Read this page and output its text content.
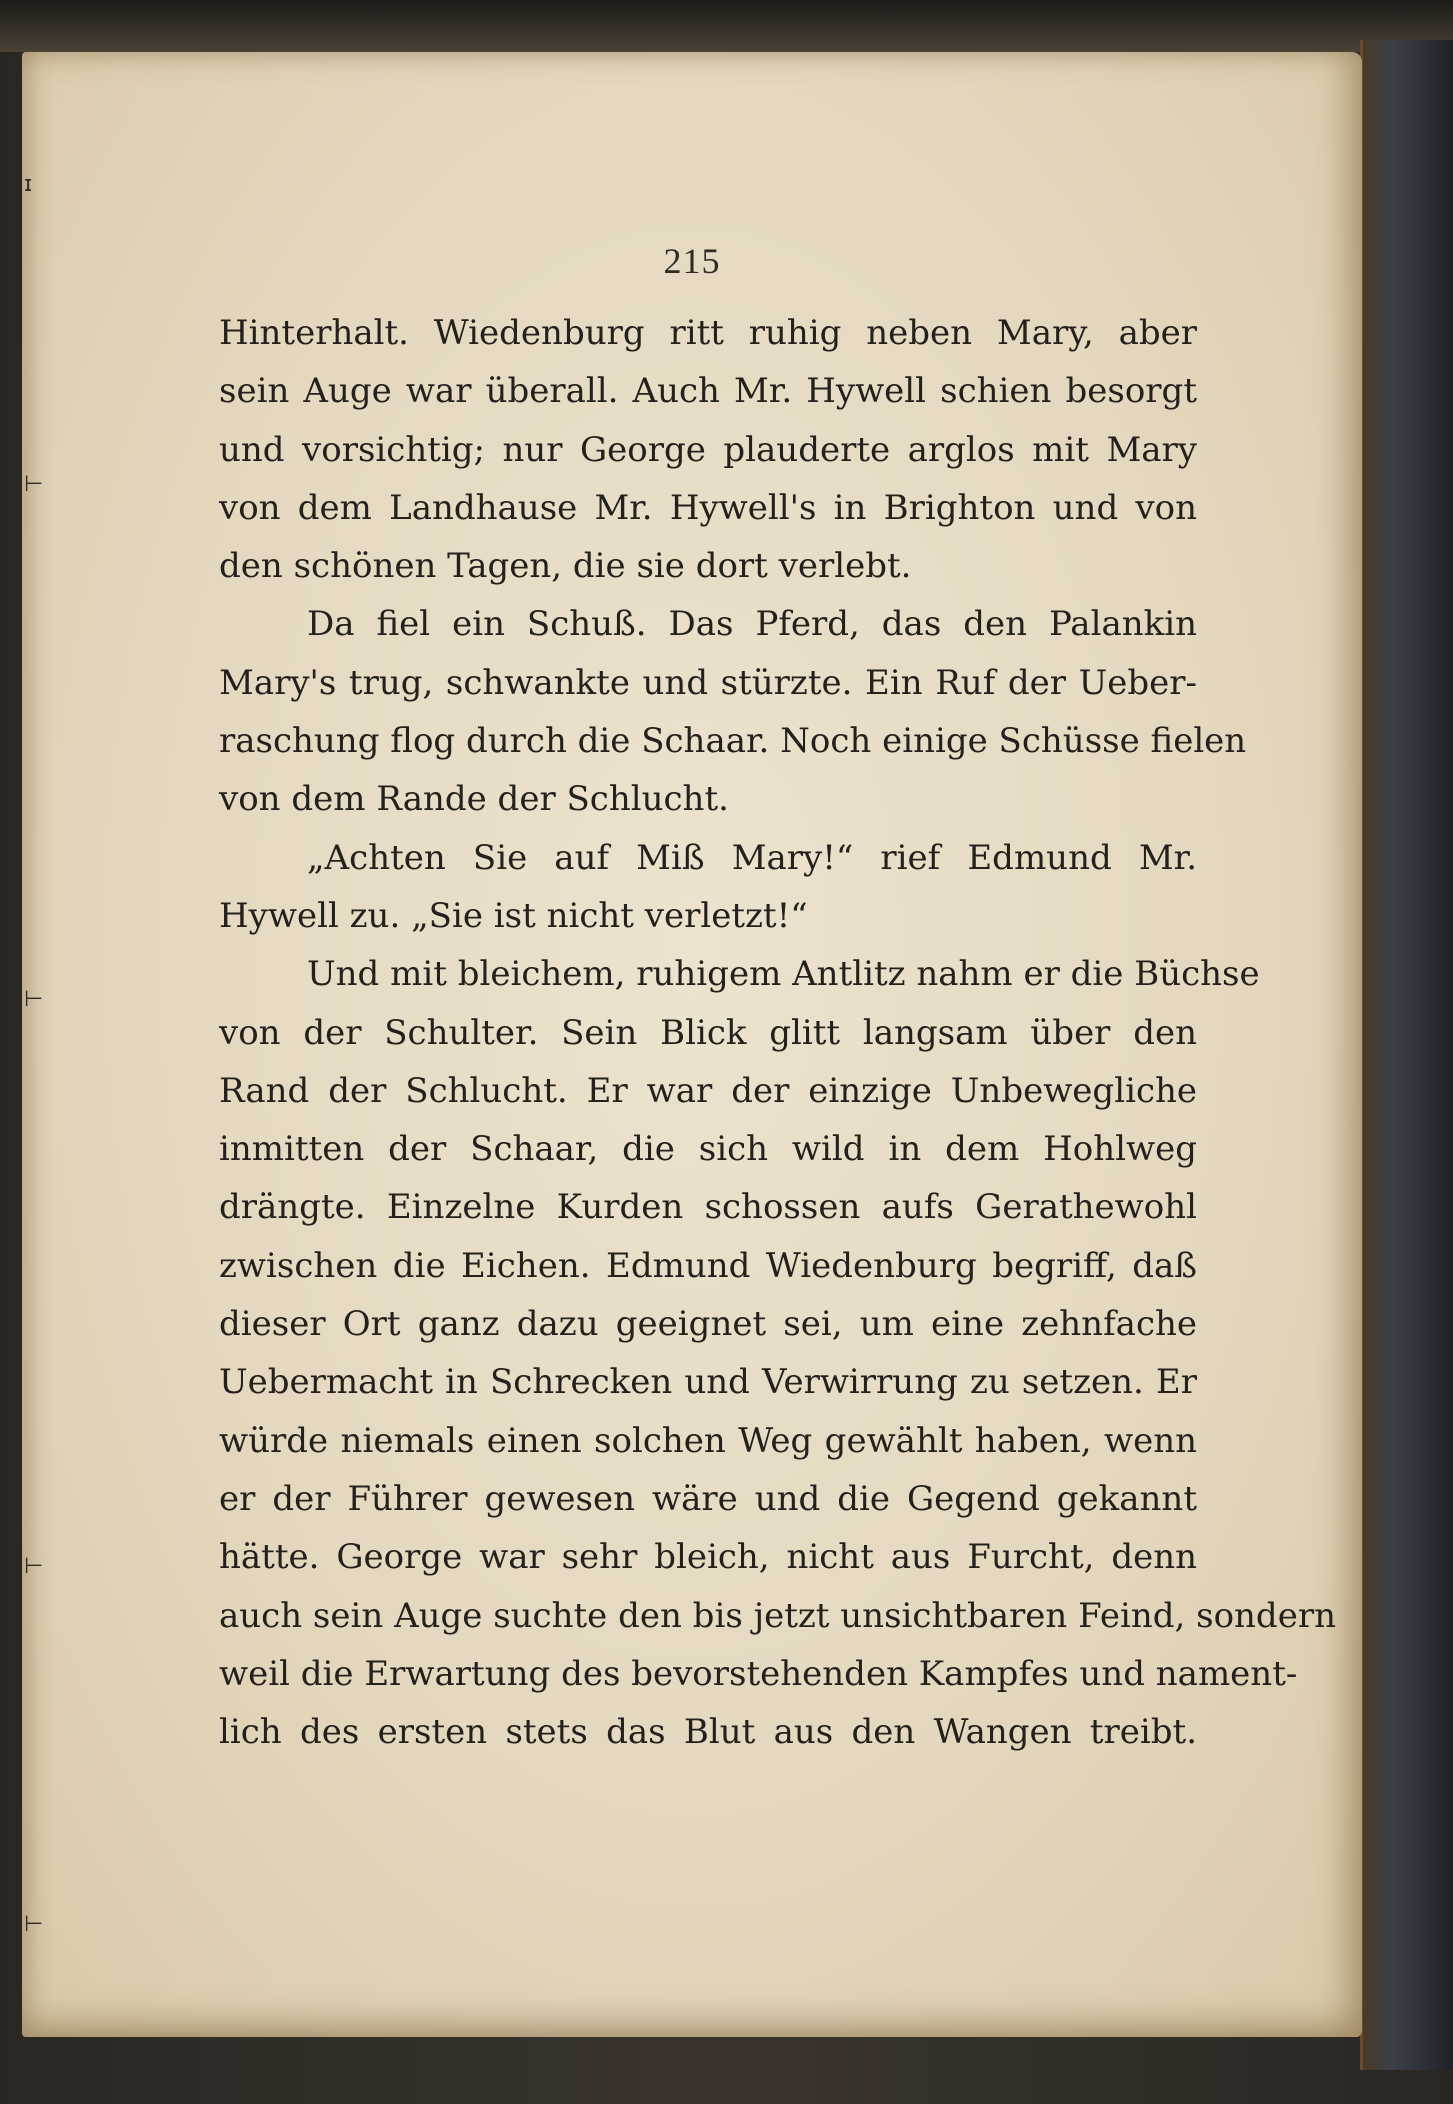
ɪ
⊢
⊢
⊢
⊢
215
Hinterhalt. Wiedenburg ritt ruhig neben Mary, aber
sein Auge war überall. Auch Mr. Hywell schien besorgt
und vorsichtig; nur George plauderte arglos mit Mary
von dem Landhause Mr. Hywell's in Brighton und von
den schönen Tagen, die sie dort verlebt.
Da fiel ein Schuß. Das Pferd, das den Palankin
Mary's trug, schwankte und stürzte. Ein Ruf der Ueber-
raschung flog durch die Schaar. Noch einige Schüsse fielen
von dem Rande der Schlucht.
„Achten Sie auf Miß Mary!“ rief Edmund Mr.
Hywell zu. „Sie ist nicht verletzt!“
Und mit bleichem, ruhigem Antlitz nahm er die Büchse
von der Schulter. Sein Blick glitt langsam über den
Rand der Schlucht. Er war der einzige Unbewegliche
inmitten der Schaar, die sich wild in dem Hohlweg
drängte. Einzelne Kurden schossen aufs Gerathewohl
zwischen die Eichen. Edmund Wiedenburg begriff, daß
dieser Ort ganz dazu geeignet sei, um eine zehnfache
Uebermacht in Schrecken und Verwirrung zu setzen. Er
würde niemals einen solchen Weg gewählt haben, wenn
er der Führer gewesen wäre und die Gegend gekannt
hätte. George war sehr bleich, nicht aus Furcht, denn
auch sein Auge suchte den bis jetzt unsichtbaren Feind, sondern
weil die Erwartung des bevorstehenden Kampfes und nament-
lich des ersten stets das Blut aus den Wangen treibt.
